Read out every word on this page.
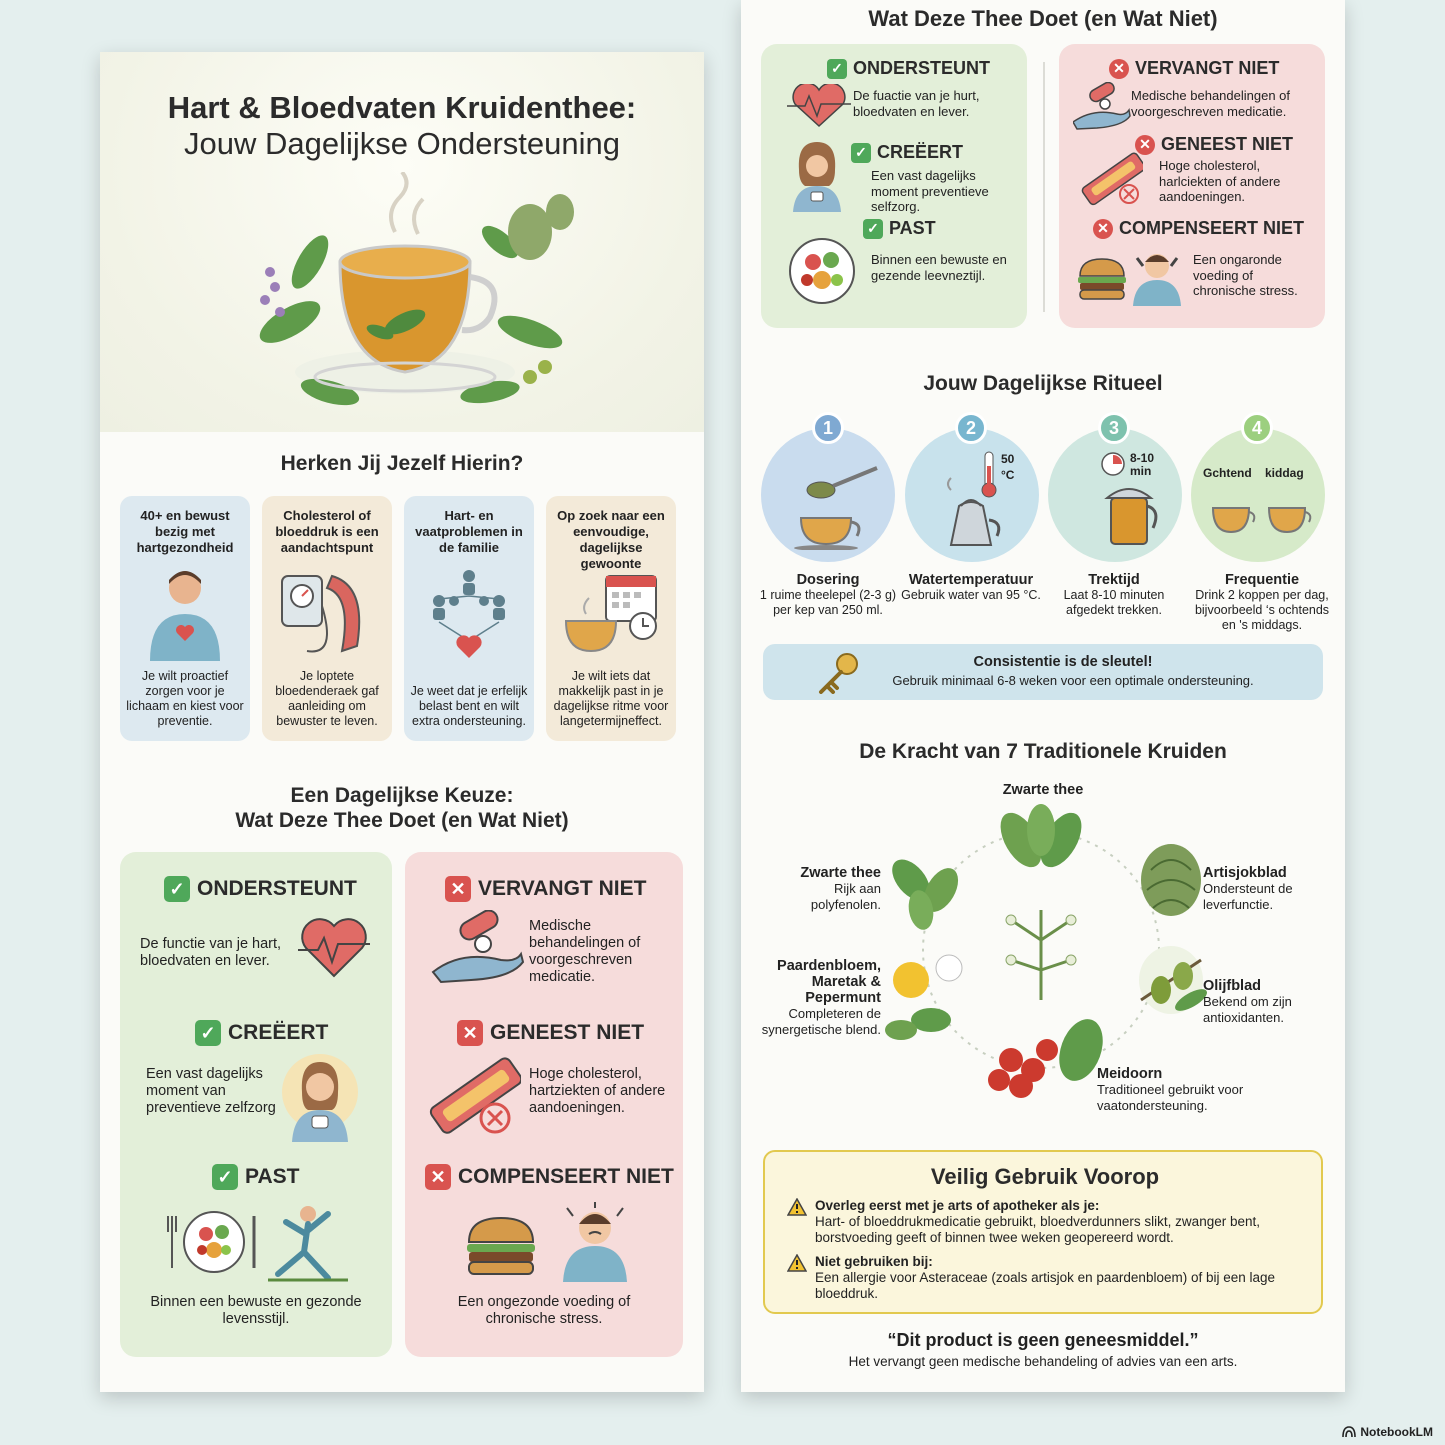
Hart & Bloedvaten Kruidenthee:
Jouw Dagelijkse Ondersteuning
Herken Jij Jezelf Hierin?
40+ en bewust bezig met hartgezondheid
Je wilt proactief zorgen voor je lichaam en kiest voor preventie.
Cholesterol of bloeddruk is een aandachtspunt
Je loptete bloedenderaek gaf aanleiding om bewuster te leven.
Hart- en vaatproblemen in de familie
Je weet dat je erfelijk belast bent en wilt extra ondersteuning.
Op zoek naar een eenvoudige, dagelijkse gewoonte
Je wilt iets dat makkelijk past in je dagelijkse ritme voor langetermijneffect.
Een Dagelijkse Keuze:
Wat Deze Thee Doet (en Wat Niet)
✓ ONDERSTEUNT
De functie van je hart, bloedvaten en lever.
✓ CREËERT
Een vast dagelijks moment van preventieve zelfzorg
✓ PAST
Binnen een bewuste en gezonde levensstijl.
✕ VERVANGT NIET
Medische behandelingen of voorgeschreven medicatie.
✕ GENEEST NIET
Hoge cholesterol, hartziekten of andere aandoeningen.
✕ COMPENSEERT NIET
Een ongezonde voeding of chronische stress.
Wat Deze Thee Doet (en Wat Niet)
✓ ONDERSTEUNT
De fuactie van je hurt, bloedvaten en lever.
✓ CREËERT
Een vast dagelijks moment preventieve selfzorg.
✓ PAST
Binnen een bewuste en gezende leevneztijl.
✕ VERVANGT NIET
Medische behandelingen of voorgeschreven medicatie.
✕ GENEEST NIET
Hoge cholesterol, harlciekten of andere aandoeningen.
✕ COMPENSEERT NIET
Een ongaronde voeding of chronische stress.
Jouw Dagelijkse Ritueel
1	2	3	4
50 °C
8-10 min	Gchtend	kiddag
Dosering
1 ruime theelepel (2-3 g) per kep van 250 ml.
Watertemperatuur
Gebruik water van 95 °C.
Trektijd
Laat 8-10 minuten afgedekt trekken.
Frequentie
Drink 2 koppen per dag, bijvoorbeeld ‘s ochtends en 's middags.
Consistentie is de sleutel!
Gebruik minimaal 6-8 weken voor een optimale ondersteuning.
De Kracht van 7 Traditionele Kruiden
Zwarte thee
Zwarte thee
Rijk aan polyfenolen.
Artisjokblad
Ondersteunt de leverfunctie.
Paardenbloem, Maretak & Pepermunt
Completeren de synergetische blend.
Olijfblad
Bekend om zijn antioxidanten.
Meidoorn
Traditioneel gebruikt voor vaatondersteuning.
Veilig Gebruik Voorop
Overleg eerst met je arts of apotheker als je:
Hart- of bloeddrukmedicatie gebruikt, bloedverdunners slikt, zwanger bent, borstvoeding geeft of binnen twee weken geopereerd wordt.
Niet gebruiken bij:
Een allergie voor Asteraceae (zoals artisjok en paardenbloem) of bij een lage bloeddruk.
“Dit product is geen geneesmiddel.”
Het vervangt geen medische behandeling of advies van een arts.
NotebookLM
